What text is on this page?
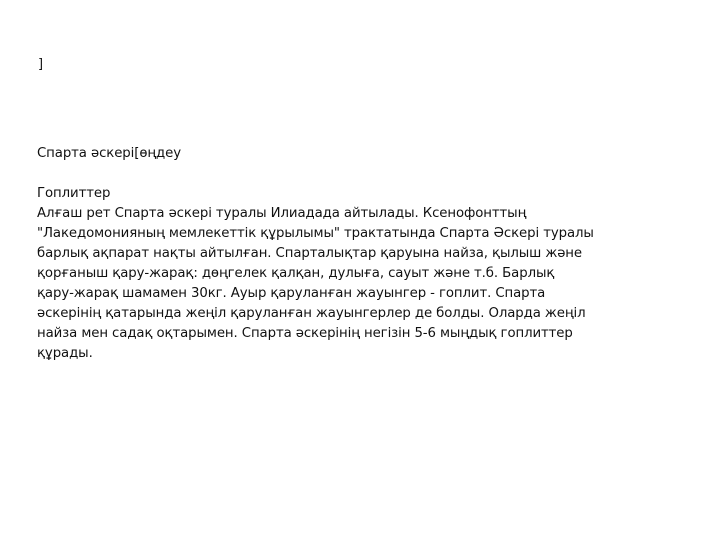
]
Спарта әскері[өңдеу
Гоплиттер
Алғаш рет Спарта әскері туралы Илиадада айтылады. Ксенофонттың
"Лакедомонияның мемлекеттік құрылымы" трактатында Спарта Әскері туралы
барлық ақпарат нақты айтылған. Спарталықтар қаруына найза, қылыш және
қорғаныш қару-жарақ: дөңгелек қалқан, дулыға, сауыт және т.б. Барлық
қару-жарақ шамамен 30кг. Ауыр қаруланған жауынгер - гоплит. Спарта
әскерінің қатарында жеңіл қаруланған жауынгерлер де болды. Оларда жеңіл
найза мен садақ оқтарымен. Спарта әскерінің негізін 5-6 мыңдық гоплиттер
құрады.
